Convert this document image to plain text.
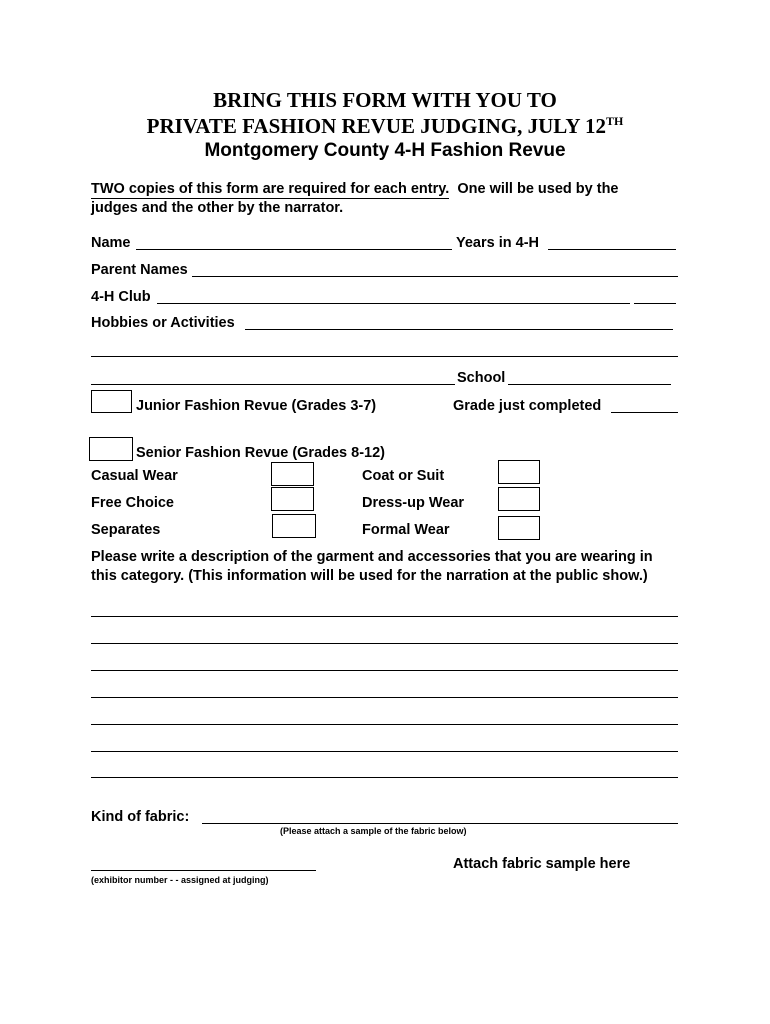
BRING THIS FORM WITH YOU TO
PRIVATE FASHION REVUE JUDGING, JULY 12TH
Montgomery County 4-H Fashion Revue
TWO copies of this form are required for each entry. One will be used by the
judges and the other by the narrator.
Name	Years in 4-H
Parent Names
4-H Club
Hobbies or Activities
School
Junior Fashion Revue (Grades 3-7)	Grade just completed
Senior Fashion Revue (Grades 8-12)
Casual Wear	Coat or Suit
Free Choice	Dress-up Wear
Separates	Formal Wear
Please write a description of the garment and accessories that you are wearing in
this category. (This information will be used for the narration at the public show.)
Kind of fabric:
(Please attach a sample of the fabric below)
Attach fabric sample here
(exhibitor number - - assigned at judging)
